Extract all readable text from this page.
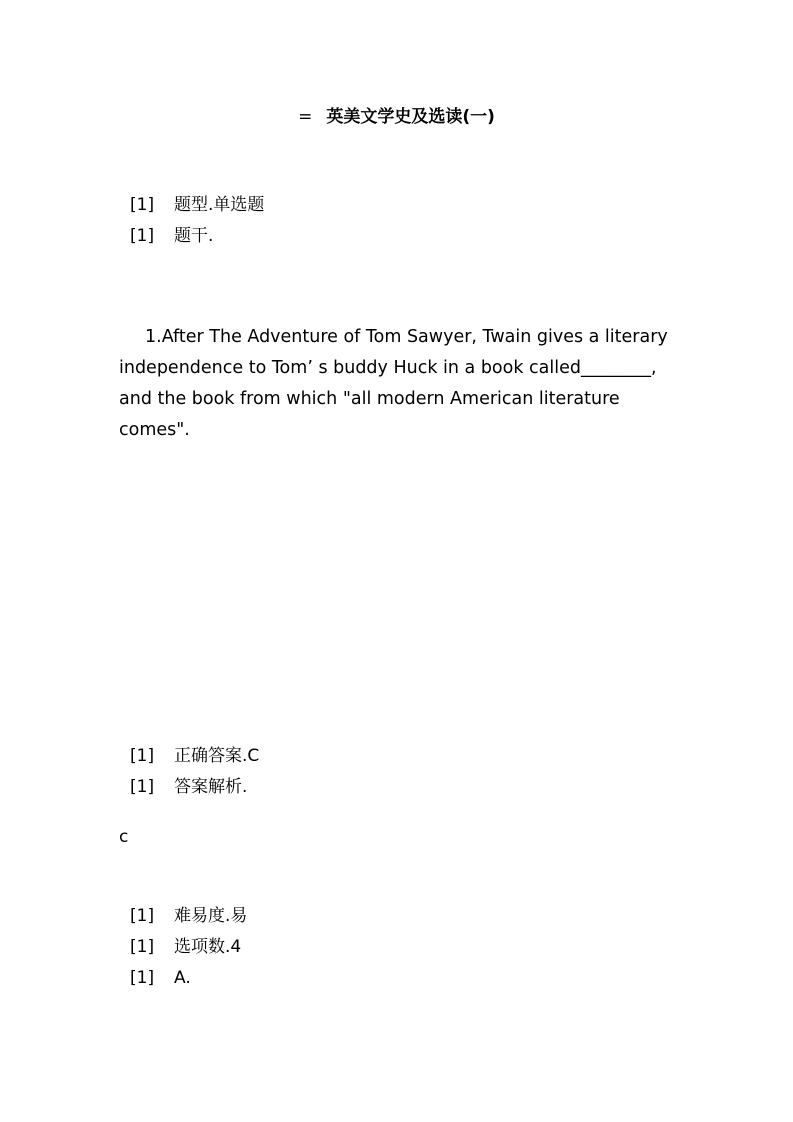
= 英美文学史及选读(一)
[1] 题型.单选题
[1] 题干.
1.After The Adventure of Tom Sawyer, Twain gives a literary independence to Tom’ s buddy Huck in a book called________, and the book from which "all modern American literature comes".
[1] 正确答案.C
[1] 答案解析.
c
[1] 难易度.易
[1] 选项数.4
[1] A.
